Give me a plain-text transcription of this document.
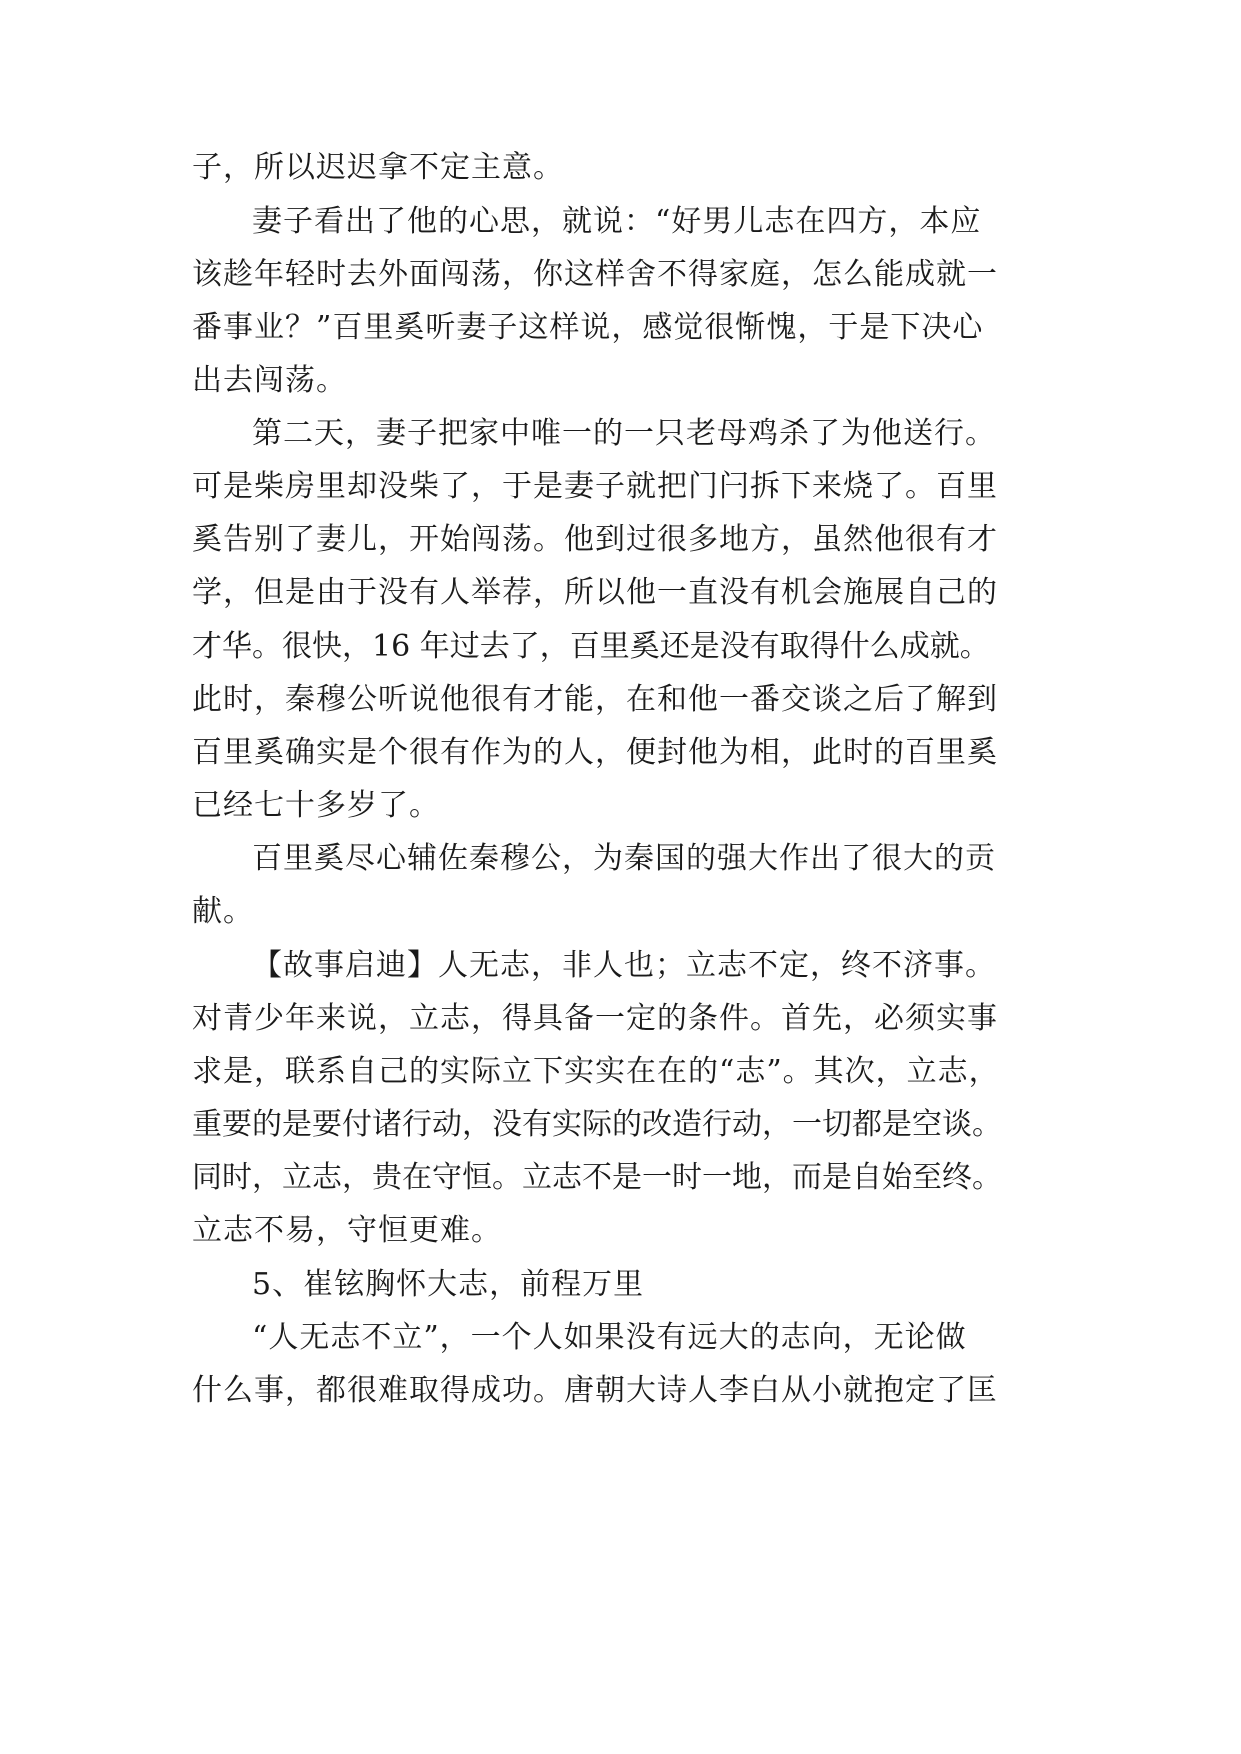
子，所以迟迟拿不定主意。

妻子看出了他的心思，就说：“好男儿志在四方，本应

该趁年轻时去外面闯荡，你这样舍不得家庭，怎么能成就一

番事业？”百里奚听妻子这样说，感觉很惭愧，于是下决心

出去闯荡。

第二天，妻子把家中唯一的一只老母鸡杀了为他送行。

可是柴房里却没柴了，于是妻子就把门闩拆下来烧了。百里

奚告别了妻儿，开始闯荡。他到过很多地方，虽然他很有才

学，但是由于没有人举荐，所以他一直没有机会施展自己的

才华。很快，16 年过去了，百里奚还是没有取得什么成就。

此时，秦穆公听说他很有才能，在和他一番交谈之后了解到

百里奚确实是个很有作为的人，便封他为相，此时的百里奚

已经七十多岁了。

百里奚尽心辅佐秦穆公，为秦国的强大作出了很大的贡

献。

【故事启迪】人无志，非人也；立志不定，终不济事。

对青少年来说，立志，得具备一定的条件。首先，必须实事

求是，联系自己的实际立下实实在在的“志”。其次，立志，

重要的是要付诸行动，没有实际的改造行动，一切都是空谈。

同时，立志，贵在守恒。立志不是一时一地，而是自始至终。

立志不易，守恒更难。

5、崔铉胸怀大志，前程万里

“人无志不立”，一个人如果没有远大的志向，无论做

什么事，都很难取得成功。唐朝大诗人李白从小就抱定了匡
